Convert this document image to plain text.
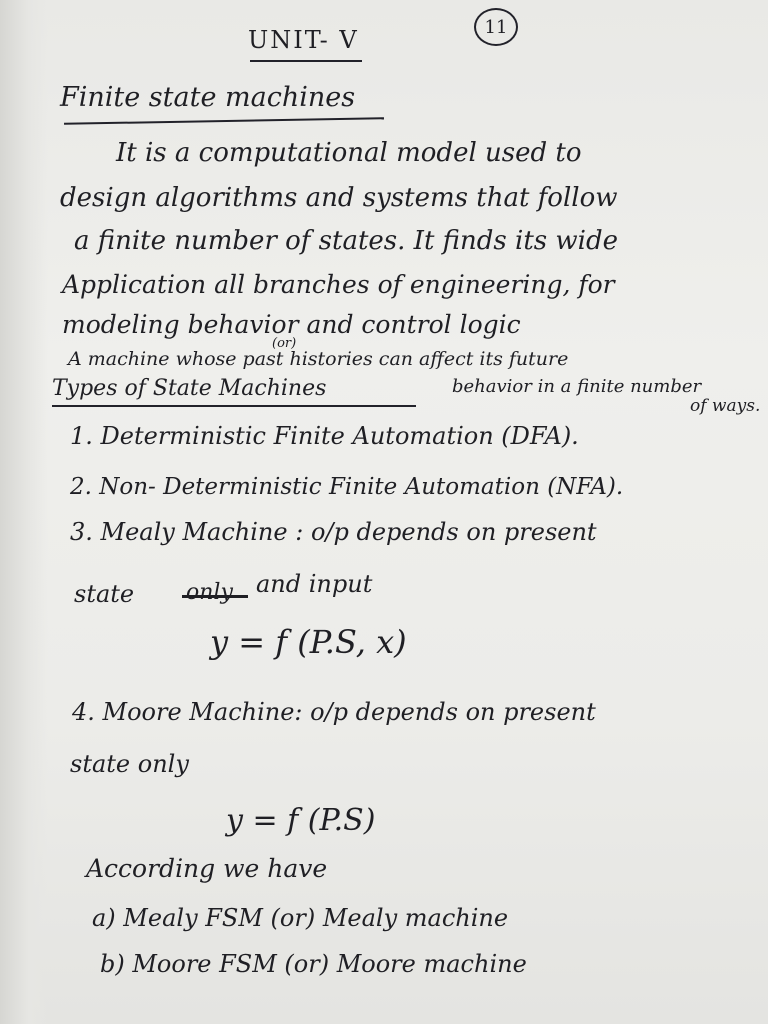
UNIT- V	11
Finite state machines
It is a computational model used to
design algorithms and systems that follow
a finite number of states. It finds its wide
Application all branches of engineering, for
modeling behavior and control logic
(or)
A machine whose past histories can affect its future
Types of State Machines	behavior in a finite number
of ways.
1. Deterministic Finite Automation (DFA).
2. Non- Deterministic Finite Automation (NFA).
3. Mealy Machine : o/p depends on present
state only and input
y = f (P.S, x)
4. Moore Machine: o/p depends on present
state only
y = f (P.S)
According we have
a) Mealy FSM (or) Mealy machine
b) Moore FSM (or) Moore machine
